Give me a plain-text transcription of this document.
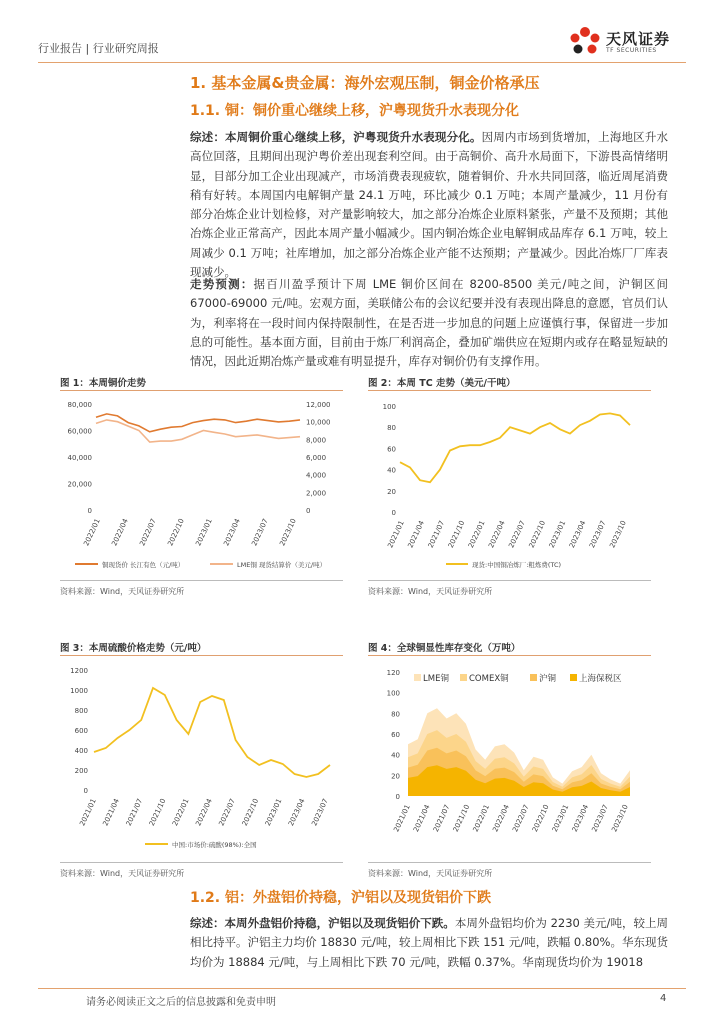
行业报告 | 行业研究周报
天风证券
TF SECURITIES
1. 基本金属&贵金属：海外宏观压制，铜金价格承压
1.1. 铜：铜价重心继续上移，沪粤现货升水表现分化
综述：本周铜价重心继续上移，沪粤现货升水表现分化。因周内市场到货增加，上海地区升水高位回落，且期间出现沪粤价差出现套利空间。由于高铜价、高升水局面下，下游畏高情绪明显，目部分加工企业出现减产，市场消费表现疲软，随着铜价、升水共同回落，临近周尾消费稍有好转。本周国内电解铜产量 24.1 万吨，环比减少 0.1 万吨；本周产量减少，11 月份有部分冶炼企业计划检修，对产量影响较大，加之部分冶炼企业原料紧张，产量不及预期；其他冶炼企业正常高产，因此本周产量小幅减少。国内铜冶炼企业电解铜成品库存 6.1 万吨，较上周减少 0.1 万吨；社库增加，加之部分冶炼企业产能不达预期；产量减少。因此冶炼厂厂库表现减少。
走势预测：据百川盈孚预计下周 LME 铜价区间在 8200-8500 美元/吨之间，沪铜区间 67000-69000 元/吨。宏观方面，美联储公布的会议纪要并没有表现出降息的意愿，官员们认为，利率将在一段时间内保持限制性，在是否进一步加息的问题上应谨慎行事，保留进一步加息的可能性。基本面方面，目前由于炼厂利润高企，叠加矿端供应在短期内或存在略显短缺的情况，因此近期冶炼产量或难有明显提升，库存对铜价仍有支撑作用。
图 1：本周铜价走势
0
20,000
40,000
60,000
80,000
0
2,000
4,000
6,000
8,000
10,000
12,000
2022/01 2022/04 2022/07 2022/10 2023/01 2023/04 2023/07 2023/10
铜现货价 长江有色（元/吨）	LME铜 现货结算价（美元/吨）
资料来源：Wind，天风证券研究所
图 2：本周 TC 走势（美元/干吨）
0
20
40
60
80
100
2021/01 2021/04 2021/07 2021/10 2022/01 2022/04 2022/07 2022/10 2023/01 2023/04 2023/07 2023/10
现货:中国铜冶炼厂:粗炼费(TC)
资料来源：Wind，天风证券研究所
图 3：本周硫酸价格走势（元/吨）
0
200
400
600
800
1000
1200
2021/01 2021/04 2021/07 2021/10 2022/01 2022/04 2022/07 2022/10 2023/01 2023/04 2023/07
中国:市场价:硫酸(98%):全国
资料来源：Wind，天风证券研究所
图 4：全球铜显性库存变化（万吨）
LME铜 COMEX铜	沪铜	上海保税区
0
20
40
60
80
100
120
2021/01 2021/04 2021/07 2021/10 2022/01 2022/04 2022/07 2022/10 2023/01 2023/04 2023/07 2023/10
资料来源：Wind，天风证券研究所
1.2. 铝：外盘铝价持稳，沪铝以及现货铝价下跌
综述：本周外盘铝价持稳，沪铝以及现货铝价下跌。本周外盘铝均价为 2230 美元/吨，较上周相比持平。沪铝主力均价 18830 元/吨，较上周相比下跌 151 元/吨，跌幅 0.80%。华东现货均价为 18884 元/吨，与上周相比下跌 70 元/吨，跌幅 0.37%。华南现货均价为 19018
请务必阅读正文之后的信息披露和免责申明	4
